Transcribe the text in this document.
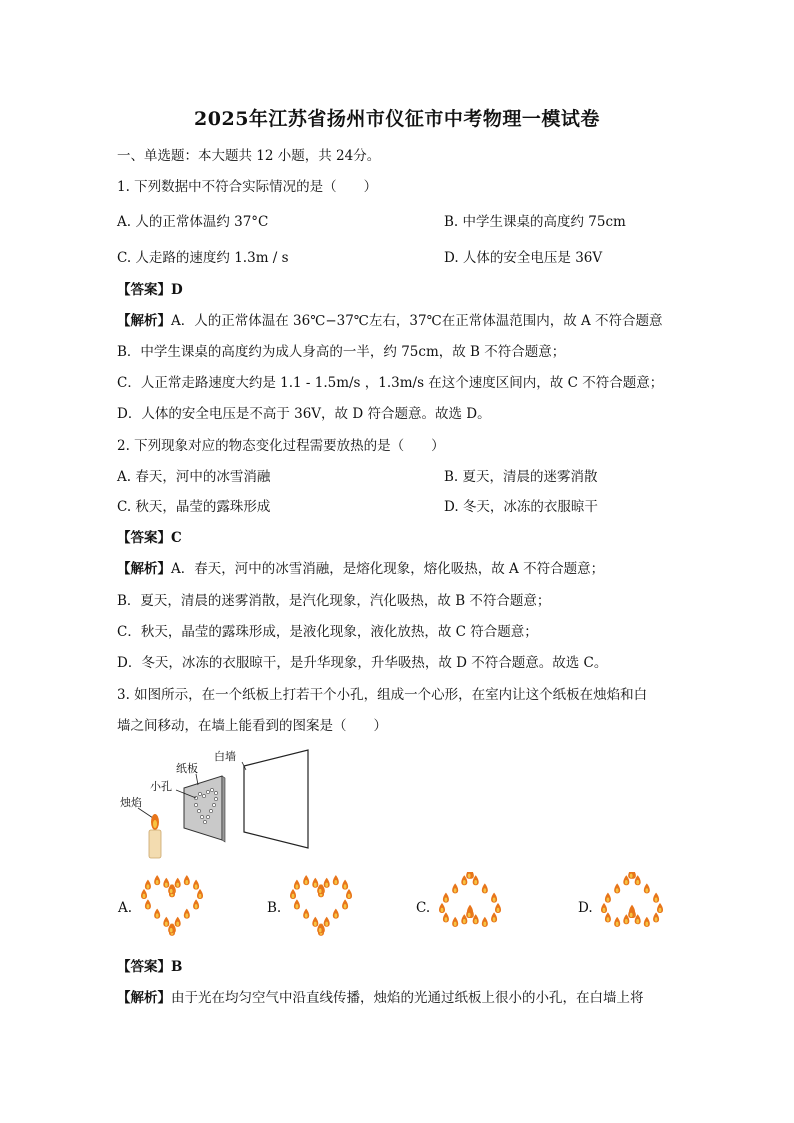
2025年江苏省扬州市仪征市中考物理一模试卷
一、单选题：本大题共 12 小题，共 24分。
1. 下列数据中不符合实际情况的是（　　）
A. 人的正常体温约 37°C	B. 中学生课桌的高度约 75cm
C. 人走路的速度约 1.3m / s	D. 人体的安全电压是 36V
【答案】D
【解析】A．人的正常体温在 36℃−37℃左右，37℃在正常体温范围内，故 A 不符合题意
B．中学生课桌的高度约为成人身高的一半，约 75cm，故 B 不符合题意；
C．人正常走路速度大约是 1.1 - 1.5m/s ，1.3m/s 在这个速度区间内，故 C 不符合题意；
D．人体的安全电压是不高于 36V，故 D 符合题意。故选 D。
2. 下列现象对应的物态变化过程需要放热的是（　　）
A. 春天，河中的冰雪消融	B. 夏天，清晨的迷雾消散
C. 秋天，晶莹的露珠形成	D. 冬天，冰冻的衣服晾干
【答案】C
【解析】A．春天，河中的冰雪消融，是熔化现象，熔化吸热，故 A 不符合题意；
B．夏天，清晨的迷雾消散，是汽化现象，汽化吸热，故 B 不符合题意；
C．秋天，晶莹的露珠形成，是液化现象，液化放热，故 C 符合题意；
D．冬天，冰冻的衣服晾干，是升华现象，升华吸热，故 D 不符合题意。故选 C。
3. 如图所示，在一个纸板上打若干个小孔，组成一个心形，在室内让这个纸板在烛焰和白
墙之间移动，在墙上能看到的图案是（　　）
白墙
纸板
小孔
烛焰
A.	B.	C.	D.
【答案】B
【解析】由于光在均匀空气中沿直线传播，烛焰的光通过纸板上很小的小孔，在白墙上将
